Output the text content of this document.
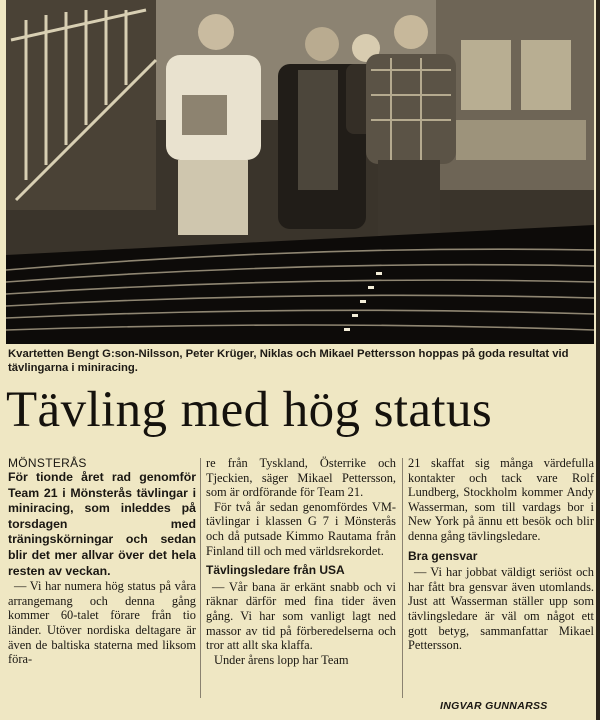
Kvartetten Bengt G:son-Nilsson, Peter Krüger, Niklas och Mikael Pettersson hoppas på goda resultat vid tävlingarna i miniracing.
Tävling med hög status
MÖNSTERÅS

För tionde året rad genomför Team 21 i Mönsterås tävlingar i miniracing, som inleddes på torsdagen med träningskörningar och sedan blir det mer allvar över det hela resten av veckan.

— Vi har numera hög status på våra arrangemang och denna gång kommer 60-talet förare från tio länder. Utöver nordiska deltagare är även de baltiska staterna med liksom föra-

re från Tyskland, Österrike och Tjeckien, säger Mikael Pettersson, som är ordförande för Team 21.

För två år sedan genomfördes VM-tävlingar i klassen G 7 i Mönsterås och då putsade Kimmo Rautama från Finland till och med världsrekordet.

Tävlingsledare från USA

— Vår bana är erkänt snabb och vi räknar därför med fina tider även gång. Vi har som vanligt lagt ned massor av tid på förberedelserna och tror att allt ska klaffa.

Under årens lopp har Team

21 skaffat sig många värdefulla kontakter och tack vare Rolf Lundberg, Stockholm kommer Andy Wasserman, som till vardags bor i New York på ännu ett besök och blir denna gång tävlingsledare.

Bra gensvar

— Vi har jobbat väldigt seriöst och har fått bra gensvar även utomlands. Just att Wasserman ställer upp som tävlingsledare är väl om något ett gott betyg, sammanfattar Mikael Pettersson.

INGVAR GUNNARSS
